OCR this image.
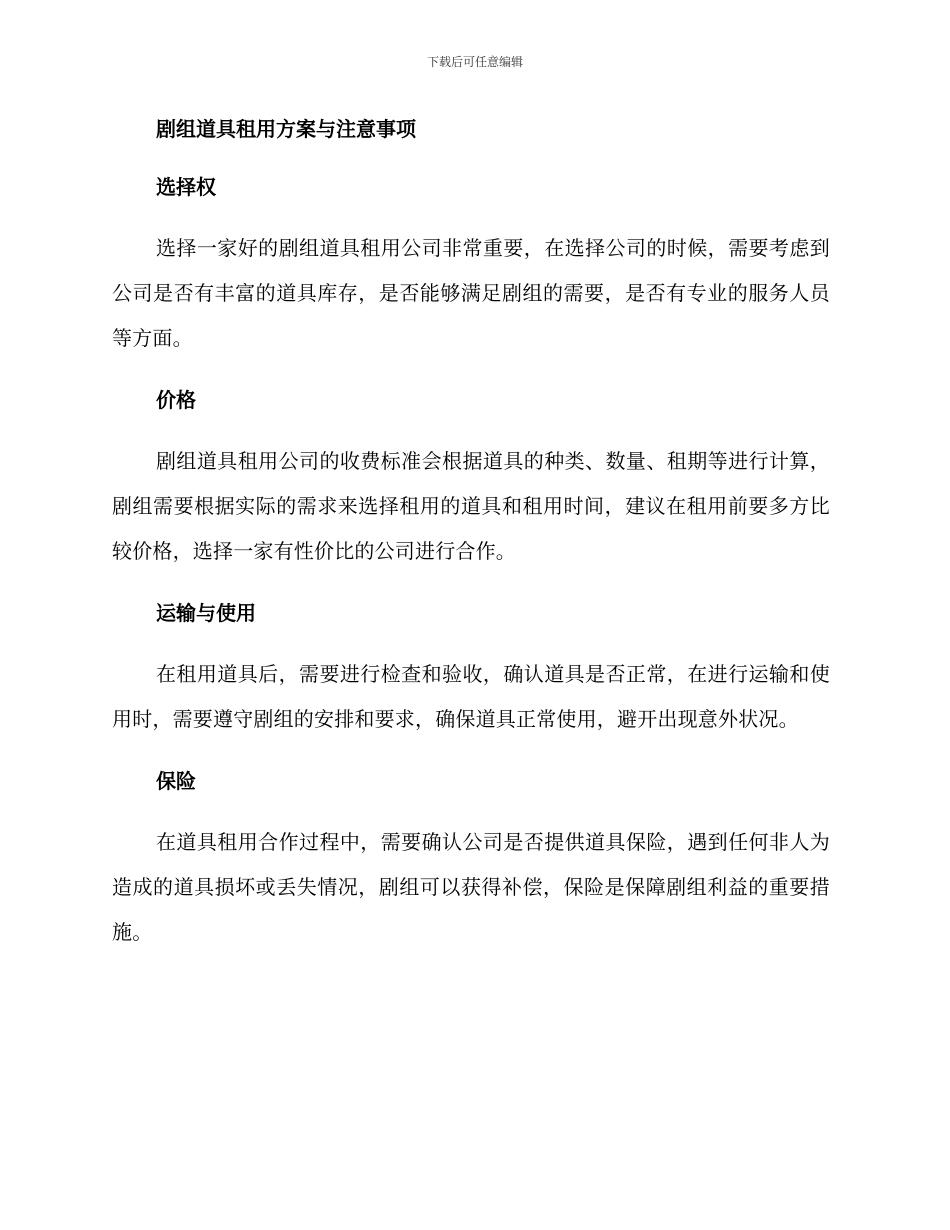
下载后可任意编辑
剧组道具租用方案与注意事项
选择权

选择一家好的剧组道具租用公司非常重要，在选择公司的时候，需要考虑到公司是否有丰富的道具库存，是否能够满足剧组的需要，是否有专业的服务人员等方面。

价格

剧组道具租用公司的收费标准会根据道具的种类、数量、租期等进行计算，剧组需要根据实际的需求来选择租用的道具和租用时间，建议在租用前要多方比较价格，选择一家有性价比的公司进行合作。

运输与使用

在租用道具后，需要进行检查和验收，确认道具是否正常，在进行运输和使用时，需要遵守剧组的安排和要求，确保道具正常使用，避开出现意外状况。

保险

在道具租用合作过程中，需要确认公司是否提供道具保险，遇到任何非人为造成的道具损坏或丢失情况，剧组可以获得补偿，保险是保障剧组利益的重要措施。
